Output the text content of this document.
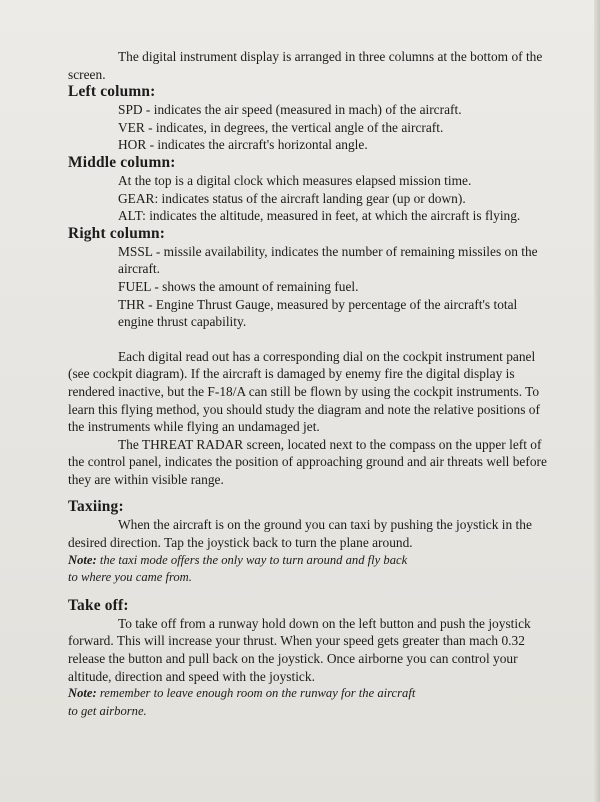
The digital instrument display is arranged in three columns at the bottom of the screen.

Left column:

SPD - indicates the air speed (measured in mach) of the aircraft.

VER - indicates, in degrees, the vertical angle of the aircraft.

HOR - indicates the aircraft's horizontal angle.

Middle column:

At the top is a digital clock which measures elapsed mission time.

GEAR: indicates status of the aircraft landing gear (up or down).

ALT: indicates the altitude, measured in feet, at which the aircraft is flying.

Right column:

MSSL - missile availability, indicates the number of remaining missiles on the aircraft.

FUEL - shows the amount of remaining fuel.

THR - Engine Thrust Gauge, measured by percentage of the aircraft's total engine thrust capability.

Each digital read out has a corresponding dial on the cockpit instrument panel (see cockpit diagram). If the aircraft is damaged by enemy fire the digital display is rendered inactive, but the F-18/A can still be flown by using the cockpit instruments. To learn this flying method, you should study the diagram and note the relative positions of the instruments while flying an undamaged jet.

The THREAT RADAR screen, located next to the compass on the upper left of the control panel, indicates the position of approaching ground and air threats well before they are within visible range.

Taxiing:

When the aircraft is on the ground you can taxi by pushing the joystick in the desired direction. Tap the joystick back to turn the plane around.

Note: the taxi mode offers the only way to turn around and fly back
to where you came from.

Take off:

To take off from a runway hold down on the left button and push the joystick forward. This will increase your thrust. When your speed gets greater than mach 0.32 release the button and pull back on the joystick. Once airborne you can control your altitude, direction and speed with the joystick.

Note: remember to leave enough room on the runway for the aircraft
to get airborne.
